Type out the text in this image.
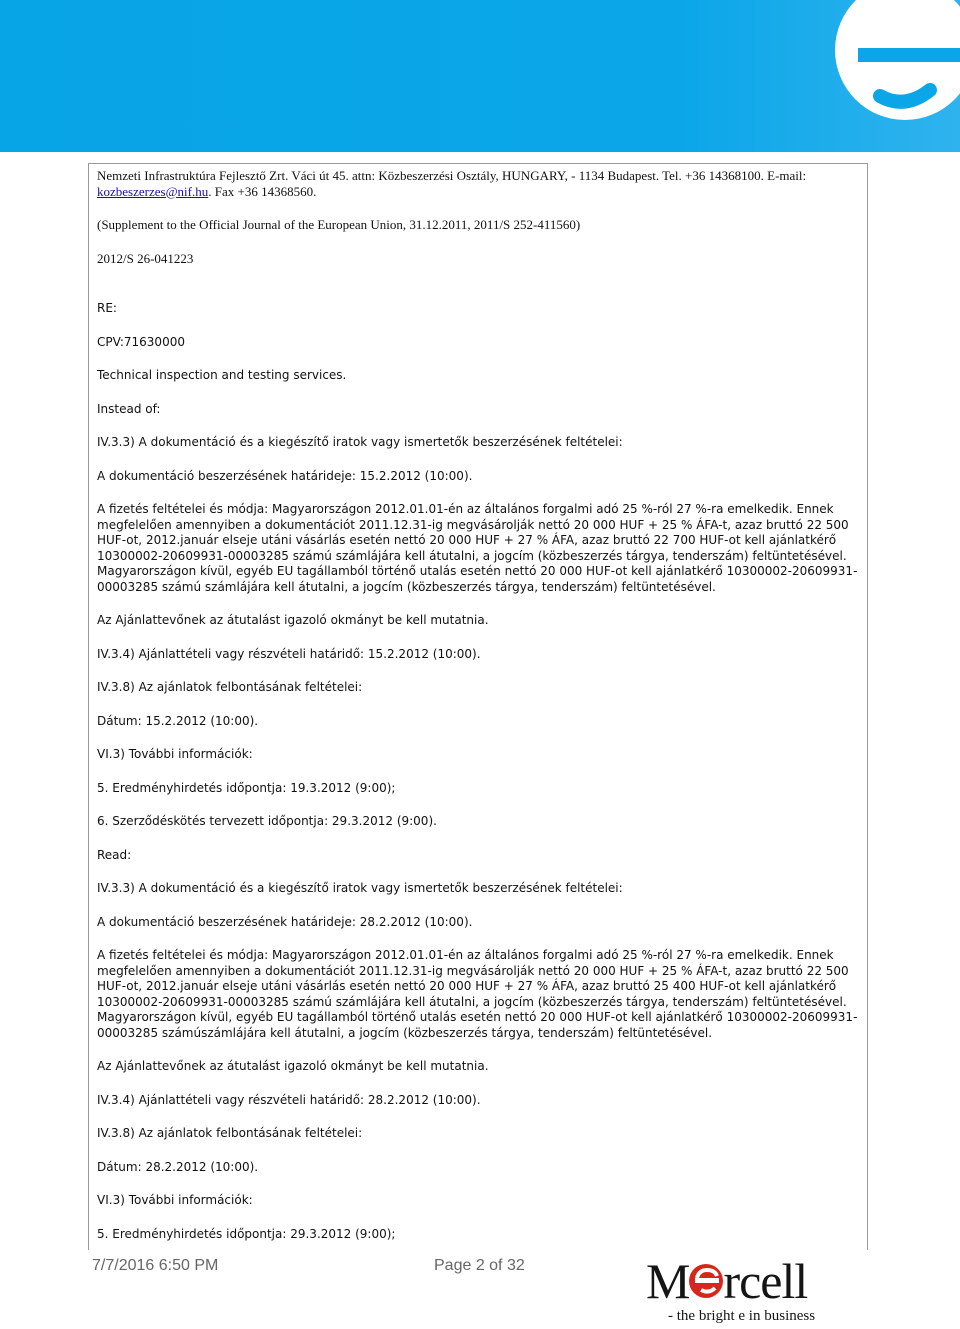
Nemzeti Infrastruktúra Fejlesztő Zrt. Váci út 45. attn: Közbeszerzési Osztály, HUNGARY, - 1134 Budapest. Tel. +36 14368100. E-mail: kozbeszerzes@nif.hu. Fax +36 14368560.

(Supplement to the Official Journal of the European Union, 31.12.2011, 2011/S 252-411560)

2012/S 26-041223

RE:

CPV:71630000

Technical inspection and testing services.

Instead of:

IV.3.3) A dokumentáció és a kiegészítő iratok vagy ismertetők beszerzésének feltételei:

A dokumentáció beszerzésének határideje: 15.2.2012 (10:00).

A fizetés feltételei és módja: Magyarországon 2012.01.01-én az általános forgalmi adó 25 %-ról 27 %-ra emelkedik. Ennek megfelelően amennyiben a dokumentációt 2011.12.31-ig megvásárolják nettó 20 000 HUF + 25 % ÁFA-t, azaz bruttó 22 500 HUF-ot, 2012.január elseje utáni vásárlás esetén nettó 20 000 HUF + 27 % ÁFA, azaz bruttó 22 700 HUF-ot kell ajánlatkérő 10300002-20609931-00003285 számú számlájára kell átutalni, a jogcím (közbeszerzés tárgya, tenderszám) feltüntetésével. Magyarországon kívül, egyéb EU tagállamból történő utalás esetén nettó 20 000 HUF-ot kell ajánlatkérő 10300002-20609931-00003285 számú számlájára kell átutalni, a jogcím (közbeszerzés tárgya, tenderszám) feltüntetésével.

Az Ajánlattevőnek az átutalást igazoló okmányt be kell mutatnia.

IV.3.4) Ajánlattételi vagy részvételi határidő: 15.2.2012 (10:00).

IV.3.8) Az ajánlatok felbontásának feltételei:

Dátum: 15.2.2012 (10:00).

VI.3) További információk:

5. Eredményhirdetés időpontja: 19.3.2012 (9:00);

6. Szerződéskötés tervezett időpontja: 29.3.2012 (9:00).

Read:

IV.3.3) A dokumentáció és a kiegészítő iratok vagy ismertetők beszerzésének feltételei:

A dokumentáció beszerzésének határideje: 28.2.2012 (10:00).

A fizetés feltételei és módja: Magyarországon 2012.01.01-én az általános forgalmi adó 25 %-ról 27 %-ra emelkedik. Ennek megfelelően amennyiben a dokumentációt 2011.12.31-ig megvásárolják nettó 20 000 HUF + 25 % ÁFA-t, azaz bruttó 22 500 HUF-ot, 2012.január elseje utáni vásárlás esetén nettó 20 000 HUF + 27 % ÁFA, azaz bruttó 25 400 HUF-ot kell ajánlatkérő 10300002-20609931-00003285 számú számlájára kell átutalni, a jogcím (közbeszerzés tárgya, tenderszám) feltüntetésével. Magyarországon kívül, egyéb EU tagállamból történő utalás esetén nettó 20 000 HUF-ot kell ajánlatkérő 10300002-20609931-00003285 számúszámlájára kell átutalni, a jogcím (közbeszerzés tárgya, tenderszám) feltüntetésével.

Az Ajánlattevőnek az átutalást igazoló okmányt be kell mutatnia.

IV.3.4) Ajánlattételi vagy részvételi határidő: 28.2.2012 (10:00).

IV.3.8) Az ajánlatok felbontásának feltételei:

Dátum: 28.2.2012 (10:00).

VI.3) További információk:

5. Eredményhirdetés időpontja: 29.3.2012 (9:00);

7/7/2016 6:50 PM	Page 2 of 32 M rcell
- the bright e in business
